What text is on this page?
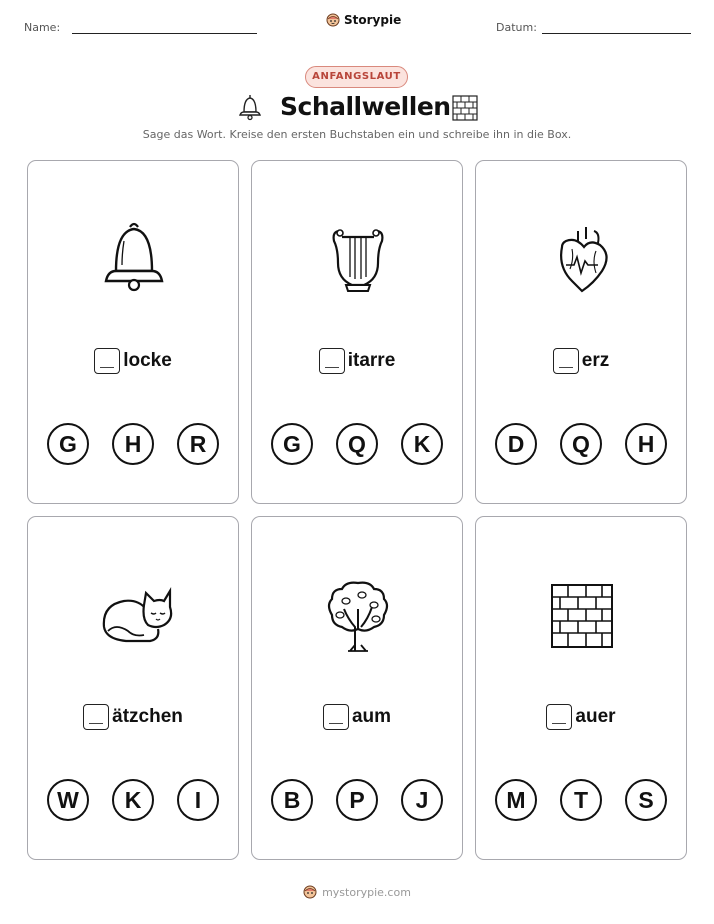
Name:
Storypie
Datum:
ANFANGSLAUT
Schallwellen
Sage das Wort. Kreise den ersten Buchstaben ein und schreibe ihn in die Box.
locke
G	H	R
itarre
G	Q	K
erz
D	Q	H
ätzchen
W	K	I
aum
B	P	J
auer
M	T	S
mystorypie.com
